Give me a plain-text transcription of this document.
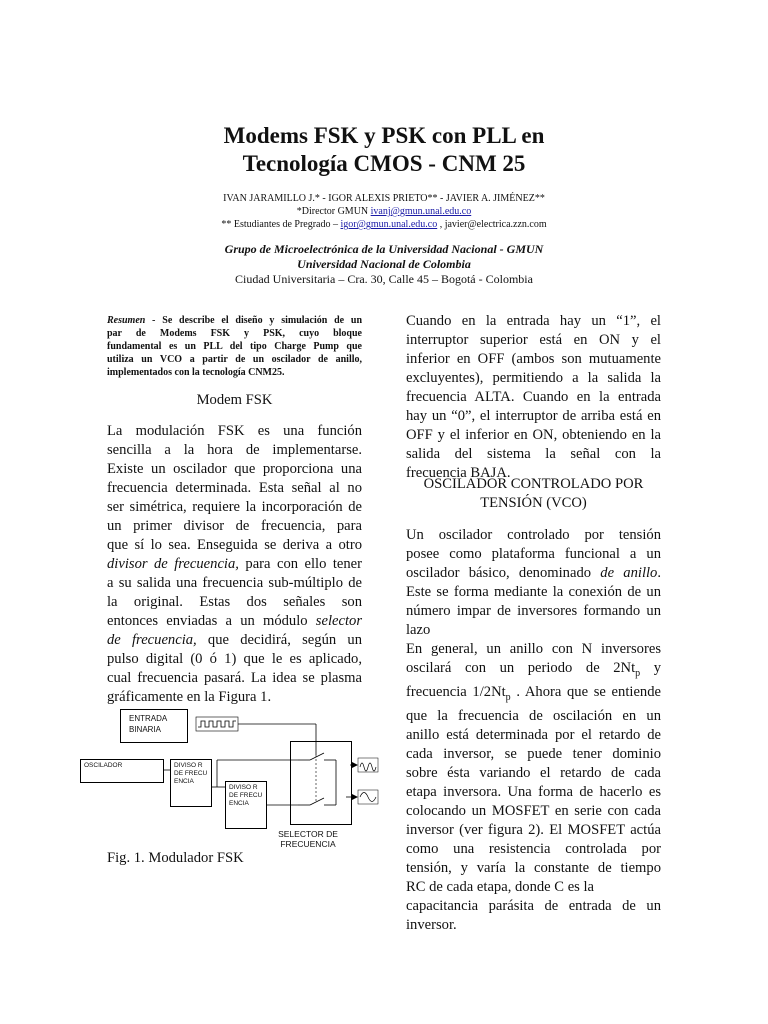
Modems FSK y PSK con PLL en
Tecnología CMOS - CNM 25
IVAN JARAMILLO J.* - IGOR ALEXIS PRIETO** - JAVIER A. JIMÉNEZ**
*Director GMUN ivanj@gmun.unal.edu.co
** Estudiantes de Pregrado – igor@gmun.unal.edu.co , javier@electrica.zzn.com
Grupo de Microelectrónica de la Universidad Nacional - GMUN
Universidad Nacional de Colombia
Ciudad Universitaria – Cra. 30, Calle 45 – Bogotá - Colombia
Resumen - Se describe el diseño y simulación de un
par de Modems FSK y PSK, cuyo bloque
fundamental es un PLL del tipo Charge Pump que
utiliza un VCO a partir de un oscilador de anillo,
implementados con la tecnología CNM25.
Modem FSK
La modulación FSK es una función
sencilla a la hora de implementarse.
Existe un oscilador que proporciona una
frecuencia determinada. Esta señal al no
ser simétrica, requiere la incorporación de
un primer divisor de frecuencia, para
que sí lo sea. Enseguida se deriva a otro
divisor de frecuencia, para con ello tener
a su salida una frecuencia sub-múltiplo de
la original. Estas dos señales son
entonces enviadas a un módulo selector
de frecuencia, que decidirá, según un
pulso digital (0 ó 1) que le es aplicado,
cual frecuencia pasará. La idea se plasma
gráficamente en la Figura 1.
ENTRADA BINARIA
OSCILADOR	DIVISO R DE FRECU ENCIA
DIVISO R DE FRECU ENCIA
SELECTOR DE FRECUENCIA
Fig. 1. Modulador FSK
Cuando en la entrada hay un “1”, el
interruptor superior está en ON y el
inferior en OFF (ambos son mutuamente
excluyentes), permitiendo a la salida la
frecuencia ALTA. Cuando en la entrada
hay un “0”, el interruptor de arriba está en
OFF y el inferior en ON, obteniendo en la
salida del sistema la señal con la
frecuencia BAJA.
OSCILADOR CONTROLADO POR
TENSIÓN (VCO)
Un oscilador controlado por tensión
posee como plataforma funcional a un
oscilador básico, denominado de anillo.
Este se forma mediante la conexión de un
número impar de inversores formando un
lazo
En general, un anillo con N inversores
oscilará con un periodo de $2Nt_p$ y
frecuencia $1/2Nt_p$ . Ahora que se entiende
que la frecuencia de oscilación en un
anillo está determinada por el retardo de
cada inversor, se puede tener dominio
sobre ésta variando el retardo de cada
etapa inversora. Una forma de hacerlo es
colocando un MOSFET en serie con cada
inversor (ver figura 2). El MOSFET actúa
como una resistencia controlada por
tensión, y varía la constante de tiempo
RC de cada etapa, donde C es la
capacitancia parásita de entrada de un
inversor.
